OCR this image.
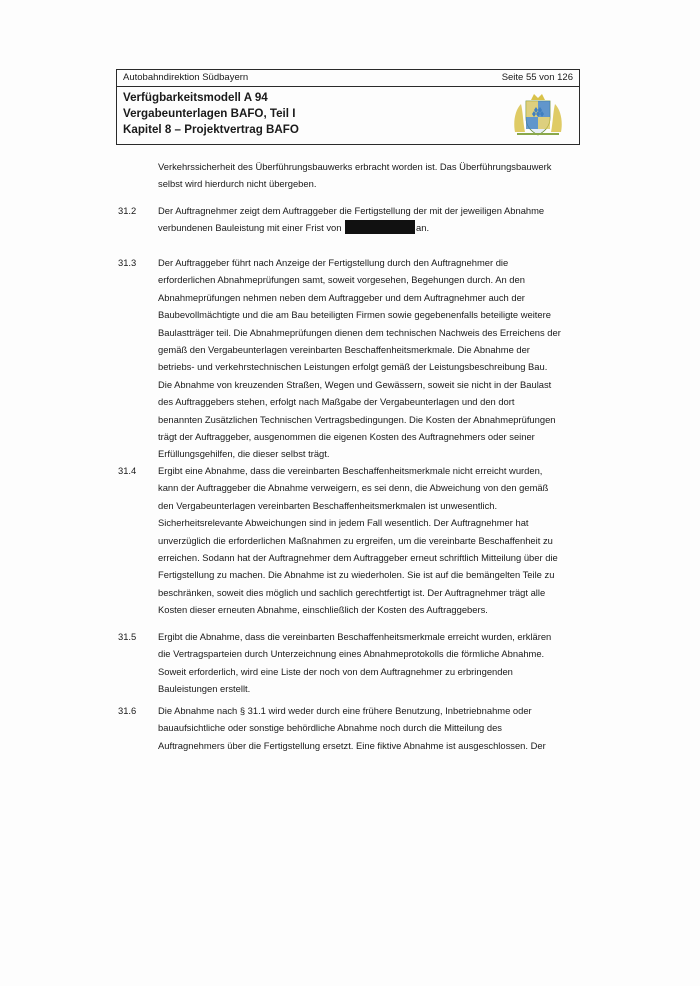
Autobahndirektion Südbayern	Seite 55 von 126
Verfügbarkeitsmodell A 94
Vergabeunterlagen BAFO, Teil I
Kapitel 8 – Projektvertrag BAFO

Verkehrssicherheit des Überführungsbauwerks erbracht worden ist. Das Überführungsbauwerk

selbst wird hierdurch nicht übergeben.

31.2 Der Auftragnehmer zeigt dem Auftraggeber die Fertigstellung der mit der jeweiligen Abnahme

verbundenen Bauleistung mit einer Frist von	an.

31.3 Der Auftraggeber führt nach Anzeige der Fertigstellung durch den Auftragnehmer die

erforderlichen Abnahmeprüfungen samt, soweit vorgesehen, Begehungen durch. An den

Abnahmeprüfungen nehmen neben dem Auftraggeber und dem Auftragnehmer auch der

Baubevollmächtigte und die am Bau beteiligten Firmen sowie gegebenenfalls beteiligte weitere

Baulastträger teil. Die Abnahmeprüfungen dienen dem technischen Nachweis des Erreichens der

gemäß den Vergabeunterlagen vereinbarten Beschaffenheitsmerkmale. Die Abnahme der

betriebs- und verkehrstechnischen Leistungen erfolgt gemäß der Leistungsbeschreibung Bau.

Die Abnahme von kreuzenden Straßen, Wegen und Gewässern, soweit sie nicht in der Baulast

des Auftraggebers stehen, erfolgt nach Maßgabe der Vergabeunterlagen und den dort

benannten Zusätzlichen Technischen Vertragsbedingungen. Die Kosten der Abnahmeprüfungen

trägt der Auftraggeber, ausgenommen die eigenen Kosten des Auftragnehmers oder seiner

Erfüllungsgehilfen, die dieser selbst trägt.

31.4 Ergibt eine Abnahme, dass die vereinbarten Beschaffenheitsmerkmale nicht erreicht wurden,

kann der Auftraggeber die Abnahme verweigern, es sei denn, die Abweichung von den gemäß

den Vergabeunterlagen vereinbarten Beschaffenheitsmerkmalen ist unwesentlich.

Sicherheitsrelevante Abweichungen sind in jedem Fall wesentlich. Der Auftragnehmer hat

unverzüglich die erforderlichen Maßnahmen zu ergreifen, um die vereinbarte Beschaffenheit zu

erreichen. Sodann hat der Auftragnehmer dem Auftraggeber erneut schriftlich Mitteilung über die

Fertigstellung zu machen. Die Abnahme ist zu wiederholen. Sie ist auf die bemängelten Teile zu

beschränken, soweit dies möglich und sachlich gerechtfertigt ist. Der Auftragnehmer trägt alle

Kosten dieser erneuten Abnahme, einschließlich der Kosten des Auftraggebers.

31.5 Ergibt die Abnahme, dass die vereinbarten Beschaffenheitsmerkmale erreicht wurden, erklären

die Vertragsparteien durch Unterzeichnung eines Abnahmeprotokolls die förmliche Abnahme.

Soweit erforderlich, wird eine Liste der noch von dem Auftragnehmer zu erbringenden

Bauleistungen erstellt.

31.6 Die Abnahme nach § 31.1 wird weder durch eine frühere Benutzung, Inbetriebnahme oder

bauaufsichtliche oder sonstige behördliche Abnahme noch durch die Mitteilung des

Auftragnehmers über die Fertigstellung ersetzt. Eine fiktive Abnahme ist ausgeschlossen. Der
